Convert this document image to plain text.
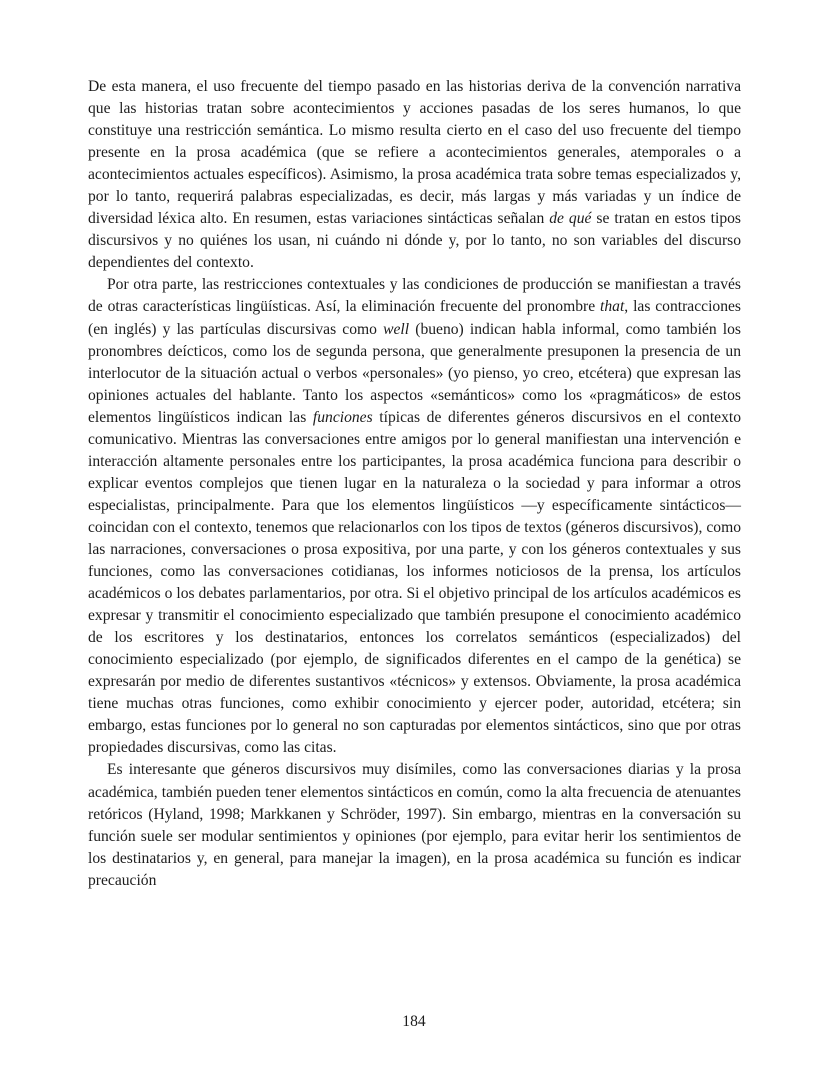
De esta manera, el uso frecuente del tiempo pasado en las historias deriva de la convención narrativa que las historias tratan sobre acontecimientos y acciones pasadas de los seres humanos, lo que constituye una restricción semántica. Lo mismo resulta cierto en el caso del uso frecuente del tiempo presente en la prosa académica (que se refiere a acontecimientos generales, atemporales o a acontecimientos actuales específicos). Asimismo, la prosa académica trata sobre temas especializados y, por lo tanto, requerirá palabras especializadas, es decir, más largas y más variadas y un índice de diversidad léxica alto. En resumen, estas variaciones sintácticas señalan de qué se tratan en estos tipos discursivos y no quiénes los usan, ni cuándo ni dónde y, por lo tanto, no son variables del discurso dependientes del contexto.

Por otra parte, las restricciones contextuales y las condiciones de producción se manifiestan a través de otras características lingüísticas. Así, la eliminación frecuente del pronombre that, las contracciones (en inglés) y las partículas discursivas como well (bueno) indican habla informal, como también los pronombres deícticos, como los de segunda persona, que generalmente presuponen la presencia de un interlocutor de la situación actual o verbos «personales» (yo pienso, yo creo, etcétera) que expresan las opiniones actuales del hablante. Tanto los aspectos «semánticos» como los «pragmáticos» de estos elementos lingüísticos indican las funciones típicas de diferentes géneros discursivos en el contexto comunicativo. Mientras las conversaciones entre amigos por lo general manifiestan una intervención e interacción altamente personales entre los participantes, la prosa académica funciona para describir o explicar eventos complejos que tienen lugar en la naturaleza o la sociedad y para informar a otros especialistas, principalmente. Para que los elementos lingüísticos —y específicamente sintácticos— coincidan con el contexto, tenemos que relacionarlos con los tipos de textos (géneros discursivos), como las narraciones, conversaciones o prosa expositiva, por una parte, y con los géneros contextuales y sus funciones, como las conversaciones cotidianas, los informes noticiosos de la prensa, los artículos académicos o los debates parlamentarios, por otra. Si el objetivo principal de los artículos académicos es expresar y transmitir el conocimiento especializado que también presupone el conocimiento académico de los escritores y los destinatarios, entonces los correlatos semánticos (especializados) del conocimiento especializado (por ejemplo, de significados diferentes en el campo de la genética) se expresarán por medio de diferentes sustantivos «técnicos» y extensos. Obviamente, la prosa académica tiene muchas otras funciones, como exhibir conocimiento y ejercer poder, autoridad, etcétera; sin embargo, estas funciones por lo general no son capturadas por elementos sintácticos, sino que por otras propiedades discursivas, como las citas.

Es interesante que géneros discursivos muy disímiles, como las conversaciones diarias y la prosa académica, también pueden tener elementos sintácticos en común, como la alta frecuencia de atenuantes retóricos (Hyland, 1998; Markkanen y Schröder, 1997). Sin embargo, mientras en la conversación su función suele ser modular sentimientos y opiniones (por ejemplo, para evitar herir los sentimientos de los destinatarios y, en general, para manejar la imagen), en la prosa académica su función es indicar precaución

184
